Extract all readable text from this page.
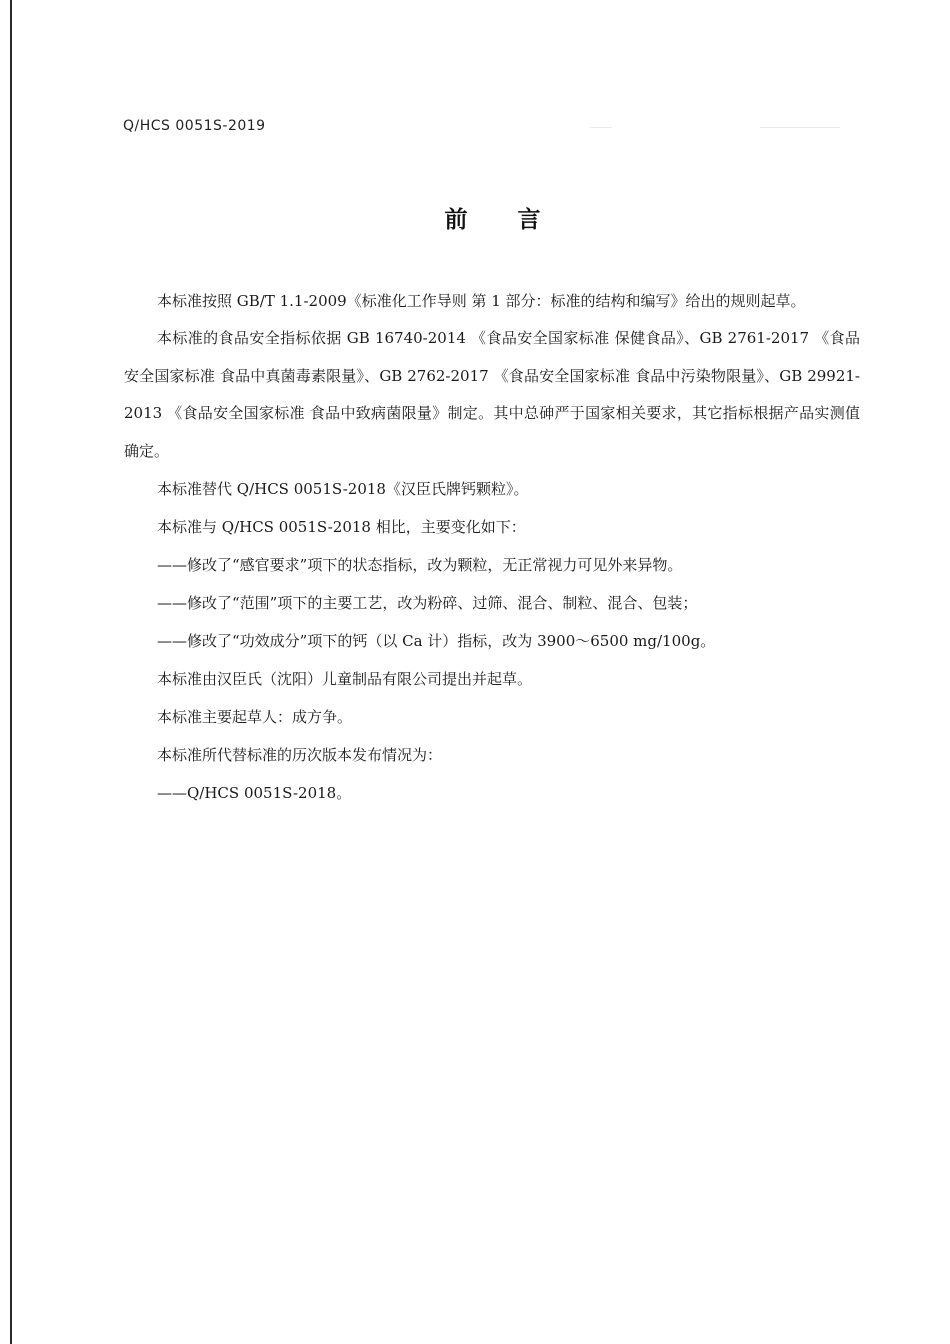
Q/HCS 0051S-2019
前 言

本标准按照 GB/T 1.1-2009《标准化工作导则 第 1 部分：标准的结构和编写》给出的规则起草。

本标准的食品安全指标依据 GB 16740-2014 《食品安全国家标准 保健食品》、GB 2761-2017 《食品安全国家标准 食品中真菌毒素限量》、GB 2762-2017 《食品安全国家标准 食品中污染物限量》、GB 29921-2013 《食品安全国家标准 食品中致病菌限量》制定。其中总砷严于国家相关要求，其它指标根据产品实测值确定。

本标准替代 Q/HCS 0051S-2018《汉臣氏牌钙颗粒》。

本标准与 Q/HCS 0051S-2018 相比，主要变化如下：

——修改了“感官要求”项下的状态指标，改为颗粒，无正常视力可见外来异物。

——修改了“范围”项下的主要工艺，改为粉碎、过筛、混合、制粒、混合、包装；

——修改了“功效成分”项下的钙（以 Ca 计）指标，改为 3900～6500 mg/100g。

本标准由汉臣氏（沈阳）儿童制品有限公司提出并起草。

本标准主要起草人：成方争。

本标准所代替标准的历次版本发布情况为：

——Q/HCS 0051S-2018。
